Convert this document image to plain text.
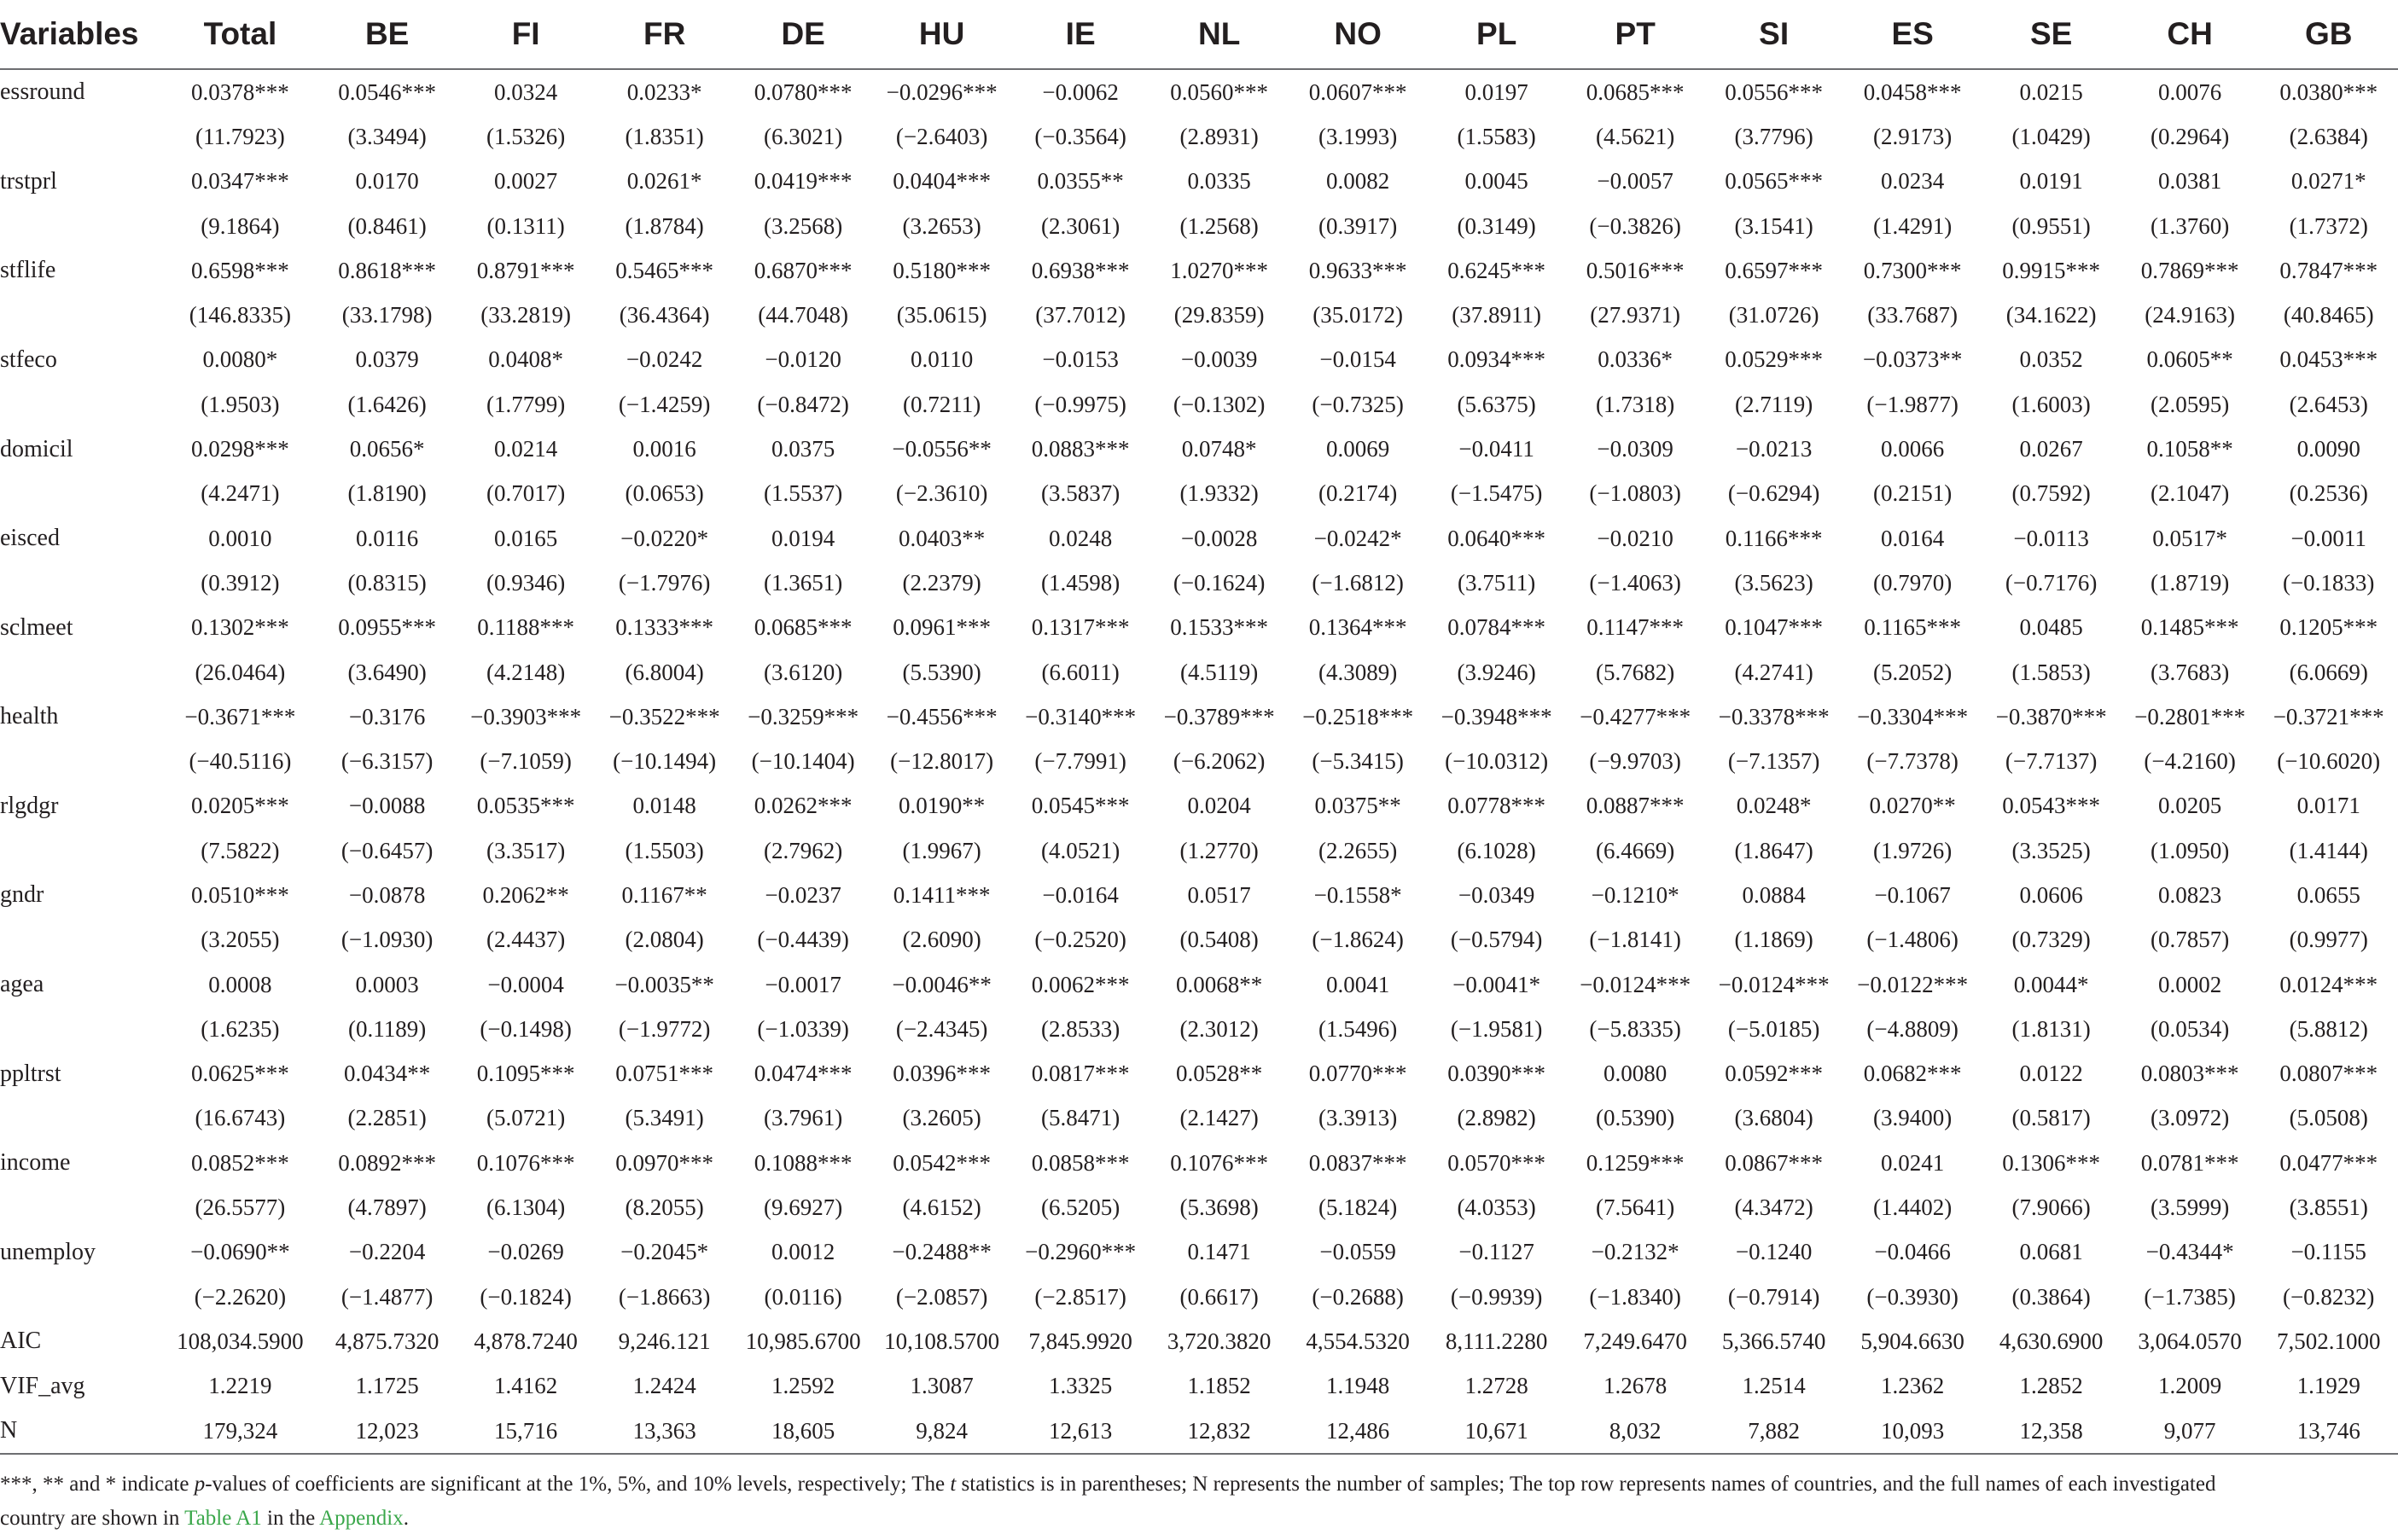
Variables	Total	BE	FI	FR	DE	HU	IE	NL	NO	PL	PT	SI	ES	SE	CH	GB
essround	0.0378***	0.0546***	0.0324	0.0233*	0.0780***	−0.0296***	−0.0062	0.0560***	0.0607***	0.0197	0.0685***	0.0556***	0.0458***	0.0215	0.0076	0.0380***
	(11.7923)	(3.3494)	(1.5326)	(1.8351)	(6.3021)	(−2.6403)	(−0.3564)	(2.8931)	(3.1993)	(1.5583)	(4.5621)	(3.7796)	(2.9173)	(1.0429)	(0.2964)	(2.6384)
trstprl	0.0347***	0.0170	0.0027	0.0261*	0.0419***	0.0404***	0.0355**	0.0335	0.0082	0.0045	−0.0057	0.0565***	0.0234	0.0191	0.0381	0.0271*
	(9.1864)	(0.8461)	(0.1311)	(1.8784)	(3.2568)	(3.2653)	(2.3061)	(1.2568)	(0.3917)	(0.3149)	(−0.3826)	(3.1541)	(1.4291)	(0.9551)	(1.3760)	(1.7372)
stflife	0.6598***	0.8618***	0.8791***	0.5465***	0.6870***	0.5180***	0.6938***	1.0270***	0.9633***	0.6245***	0.5016***	0.6597***	0.7300***	0.9915***	0.7869***	0.7847***
	(146.8335)	(33.1798)	(33.2819)	(36.4364)	(44.7048)	(35.0615)	(37.7012)	(29.8359)	(35.0172)	(37.8911)	(27.9371)	(31.0726)	(33.7687)	(34.1622)	(24.9163)	(40.8465)
stfeco	0.0080*	0.0379	0.0408*	−0.0242	−0.0120	0.0110	−0.0153	−0.0039	−0.0154	0.0934***	0.0336*	0.0529***	−0.0373**	0.0352	0.0605**	0.0453***
	(1.9503)	(1.6426)	(1.7799)	(−1.4259)	(−0.8472)	(0.7211)	(−0.9975)	(−0.1302)	(−0.7325)	(5.6375)	(1.7318)	(2.7119)	(−1.9877)	(1.6003)	(2.0595)	(2.6453)
domicil	0.0298***	0.0656*	0.0214	0.0016	0.0375	−0.0556**	0.0883***	0.0748*	0.0069	−0.0411	−0.0309	−0.0213	0.0066	0.0267	0.1058**	0.0090
	(4.2471)	(1.8190)	(0.7017)	(0.0653)	(1.5537)	(−2.3610)	(3.5837)	(1.9332)	(0.2174)	(−1.5475)	(−1.0803)	(−0.6294)	(0.2151)	(0.7592)	(2.1047)	(0.2536)
eisced	0.0010	0.0116	0.0165	−0.0220*	0.0194	0.0403**	0.0248	−0.0028	−0.0242*	0.0640***	−0.0210	0.1166***	0.0164	−0.0113	0.0517*	−0.0011
	(0.3912)	(0.8315)	(0.9346)	(−1.7976)	(1.3651)	(2.2379)	(1.4598)	(−0.1624)	(−1.6812)	(3.7511)	(−1.4063)	(3.5623)	(0.7970)	(−0.7176)	(1.8719)	(−0.1833)
sclmeet	0.1302***	0.0955***	0.1188***	0.1333***	0.0685***	0.0961***	0.1317***	0.1533***	0.1364***	0.0784***	0.1147***	0.1047***	0.1165***	0.0485	0.1485***	0.1205***
	(26.0464)	(3.6490)	(4.2148)	(6.8004)	(3.6120)	(5.5390)	(6.6011)	(4.5119)	(4.3089)	(3.9246)	(5.7682)	(4.2741)	(5.2052)	(1.5853)	(3.7683)	(6.0669)
health	−0.3671***	−0.3176	−0.3903***	−0.3522***	−0.3259***	−0.4556***	−0.3140***	−0.3789***	−0.2518***	−0.3948***	−0.4277***	−0.3378***	−0.3304***	−0.3870***	−0.2801***	−0.3721***
	(−40.5116)	(−6.3157)	(−7.1059)	(−10.1494)	(−10.1404)	(−12.8017)	(−7.7991)	(−6.2062)	(−5.3415)	(−10.0312)	(−9.9703)	(−7.1357)	(−7.7378)	(−7.7137)	(−4.2160)	(−10.6020)
rlgdgr	0.0205***	−0.0088	0.0535***	0.0148	0.0262***	0.0190**	0.0545***	0.0204	0.0375**	0.0778***	0.0887***	0.0248*	0.0270**	0.0543***	0.0205	0.0171
	(7.5822)	(−0.6457)	(3.3517)	(1.5503)	(2.7962)	(1.9967)	(4.0521)	(1.2770)	(2.2655)	(6.1028)	(6.4669)	(1.8647)	(1.9726)	(3.3525)	(1.0950)	(1.4144)
gndr	0.0510***	−0.0878	0.2062**	0.1167**	−0.0237	0.1411***	−0.0164	0.0517	−0.1558*	−0.0349	−0.1210*	0.0884	−0.1067	0.0606	0.0823	0.0655
	(3.2055)	(−1.0930)	(2.4437)	(2.0804)	(−0.4439)	(2.6090)	(−0.2520)	(0.5408)	(−1.8624)	(−0.5794)	(−1.8141)	(1.1869)	(−1.4806)	(0.7329)	(0.7857)	(0.9977)
agea	0.0008	0.0003	−0.0004	−0.0035**	−0.0017	−0.0046**	0.0062***	0.0068**	0.0041	−0.0041*	−0.0124***	−0.0124***	−0.0122***	0.0044*	0.0002	0.0124***
	(1.6235)	(0.1189)	(−0.1498)	(−1.9772)	(−1.0339)	(−2.4345)	(2.8533)	(2.3012)	(1.5496)	(−1.9581)	(−5.8335)	(−5.0185)	(−4.8809)	(1.8131)	(0.0534)	(5.8812)
ppltrst	0.0625***	0.0434**	0.1095***	0.0751***	0.0474***	0.0396***	0.0817***	0.0528**	0.0770***	0.0390***	0.0080	0.0592***	0.0682***	0.0122	0.0803***	0.0807***
	(16.6743)	(2.2851)	(5.0721)	(5.3491)	(3.7961)	(3.2605)	(5.8471)	(2.1427)	(3.3913)	(2.8982)	(0.5390)	(3.6804)	(3.9400)	(0.5817)	(3.0972)	(5.0508)
income	0.0852***	0.0892***	0.1076***	0.0970***	0.1088***	0.0542***	0.0858***	0.1076***	0.0837***	0.0570***	0.1259***	0.0867***	0.0241	0.1306***	0.0781***	0.0477***
	(26.5577)	(4.7897)	(6.1304)	(8.2055)	(9.6927)	(4.6152)	(6.5205)	(5.3698)	(5.1824)	(4.0353)	(7.5641)	(4.3472)	(1.4402)	(7.9066)	(3.5999)	(3.8551)
unemploy	−0.0690**	−0.2204	−0.0269	−0.2045*	0.0012	−0.2488**	−0.2960***	0.1471	−0.0559	−0.1127	−0.2132*	−0.1240	−0.0466	0.0681	−0.4344*	−0.1155
	(−2.2620)	(−1.4877)	(−0.1824)	(−1.8663)	(0.0116)	(−2.0857)	(−2.8517)	(0.6617)	(−0.2688)	(−0.9939)	(−1.8340)	(−0.7914)	(−0.3930)	(0.3864)	(−1.7385)	(−0.8232)
AIC	108,034.5900	4,875.7320	4,878.7240	9,246.121	10,985.6700	10,108.5700	7,845.9920	3,720.3820	4,554.5320	8,111.2280	7,249.6470	5,366.5740	5,904.6630	4,630.6900	3,064.0570	7,502.1000
VIF_avg	1.2219	1.1725	1.4162	1.2424	1.2592	1.3087	1.3325	1.1852	1.1948	1.2728	1.2678	1.2514	1.2362	1.2852	1.2009	1.1929
N	179,324	12,023	15,716	13,363	18,605	9,824	12,613	12,832	12,486	10,671	8,032	7,882	10,093	12,358	9,077	13,746
***, ** and * indicate p-values of coefficients are significant at the 1%, 5%, and 10% levels, respectively; The t statistics is in parentheses; N represents the number of samples; The top row represents names of countries, and the full names of each investigated
country are shown in Table A1 in the Appendix.
